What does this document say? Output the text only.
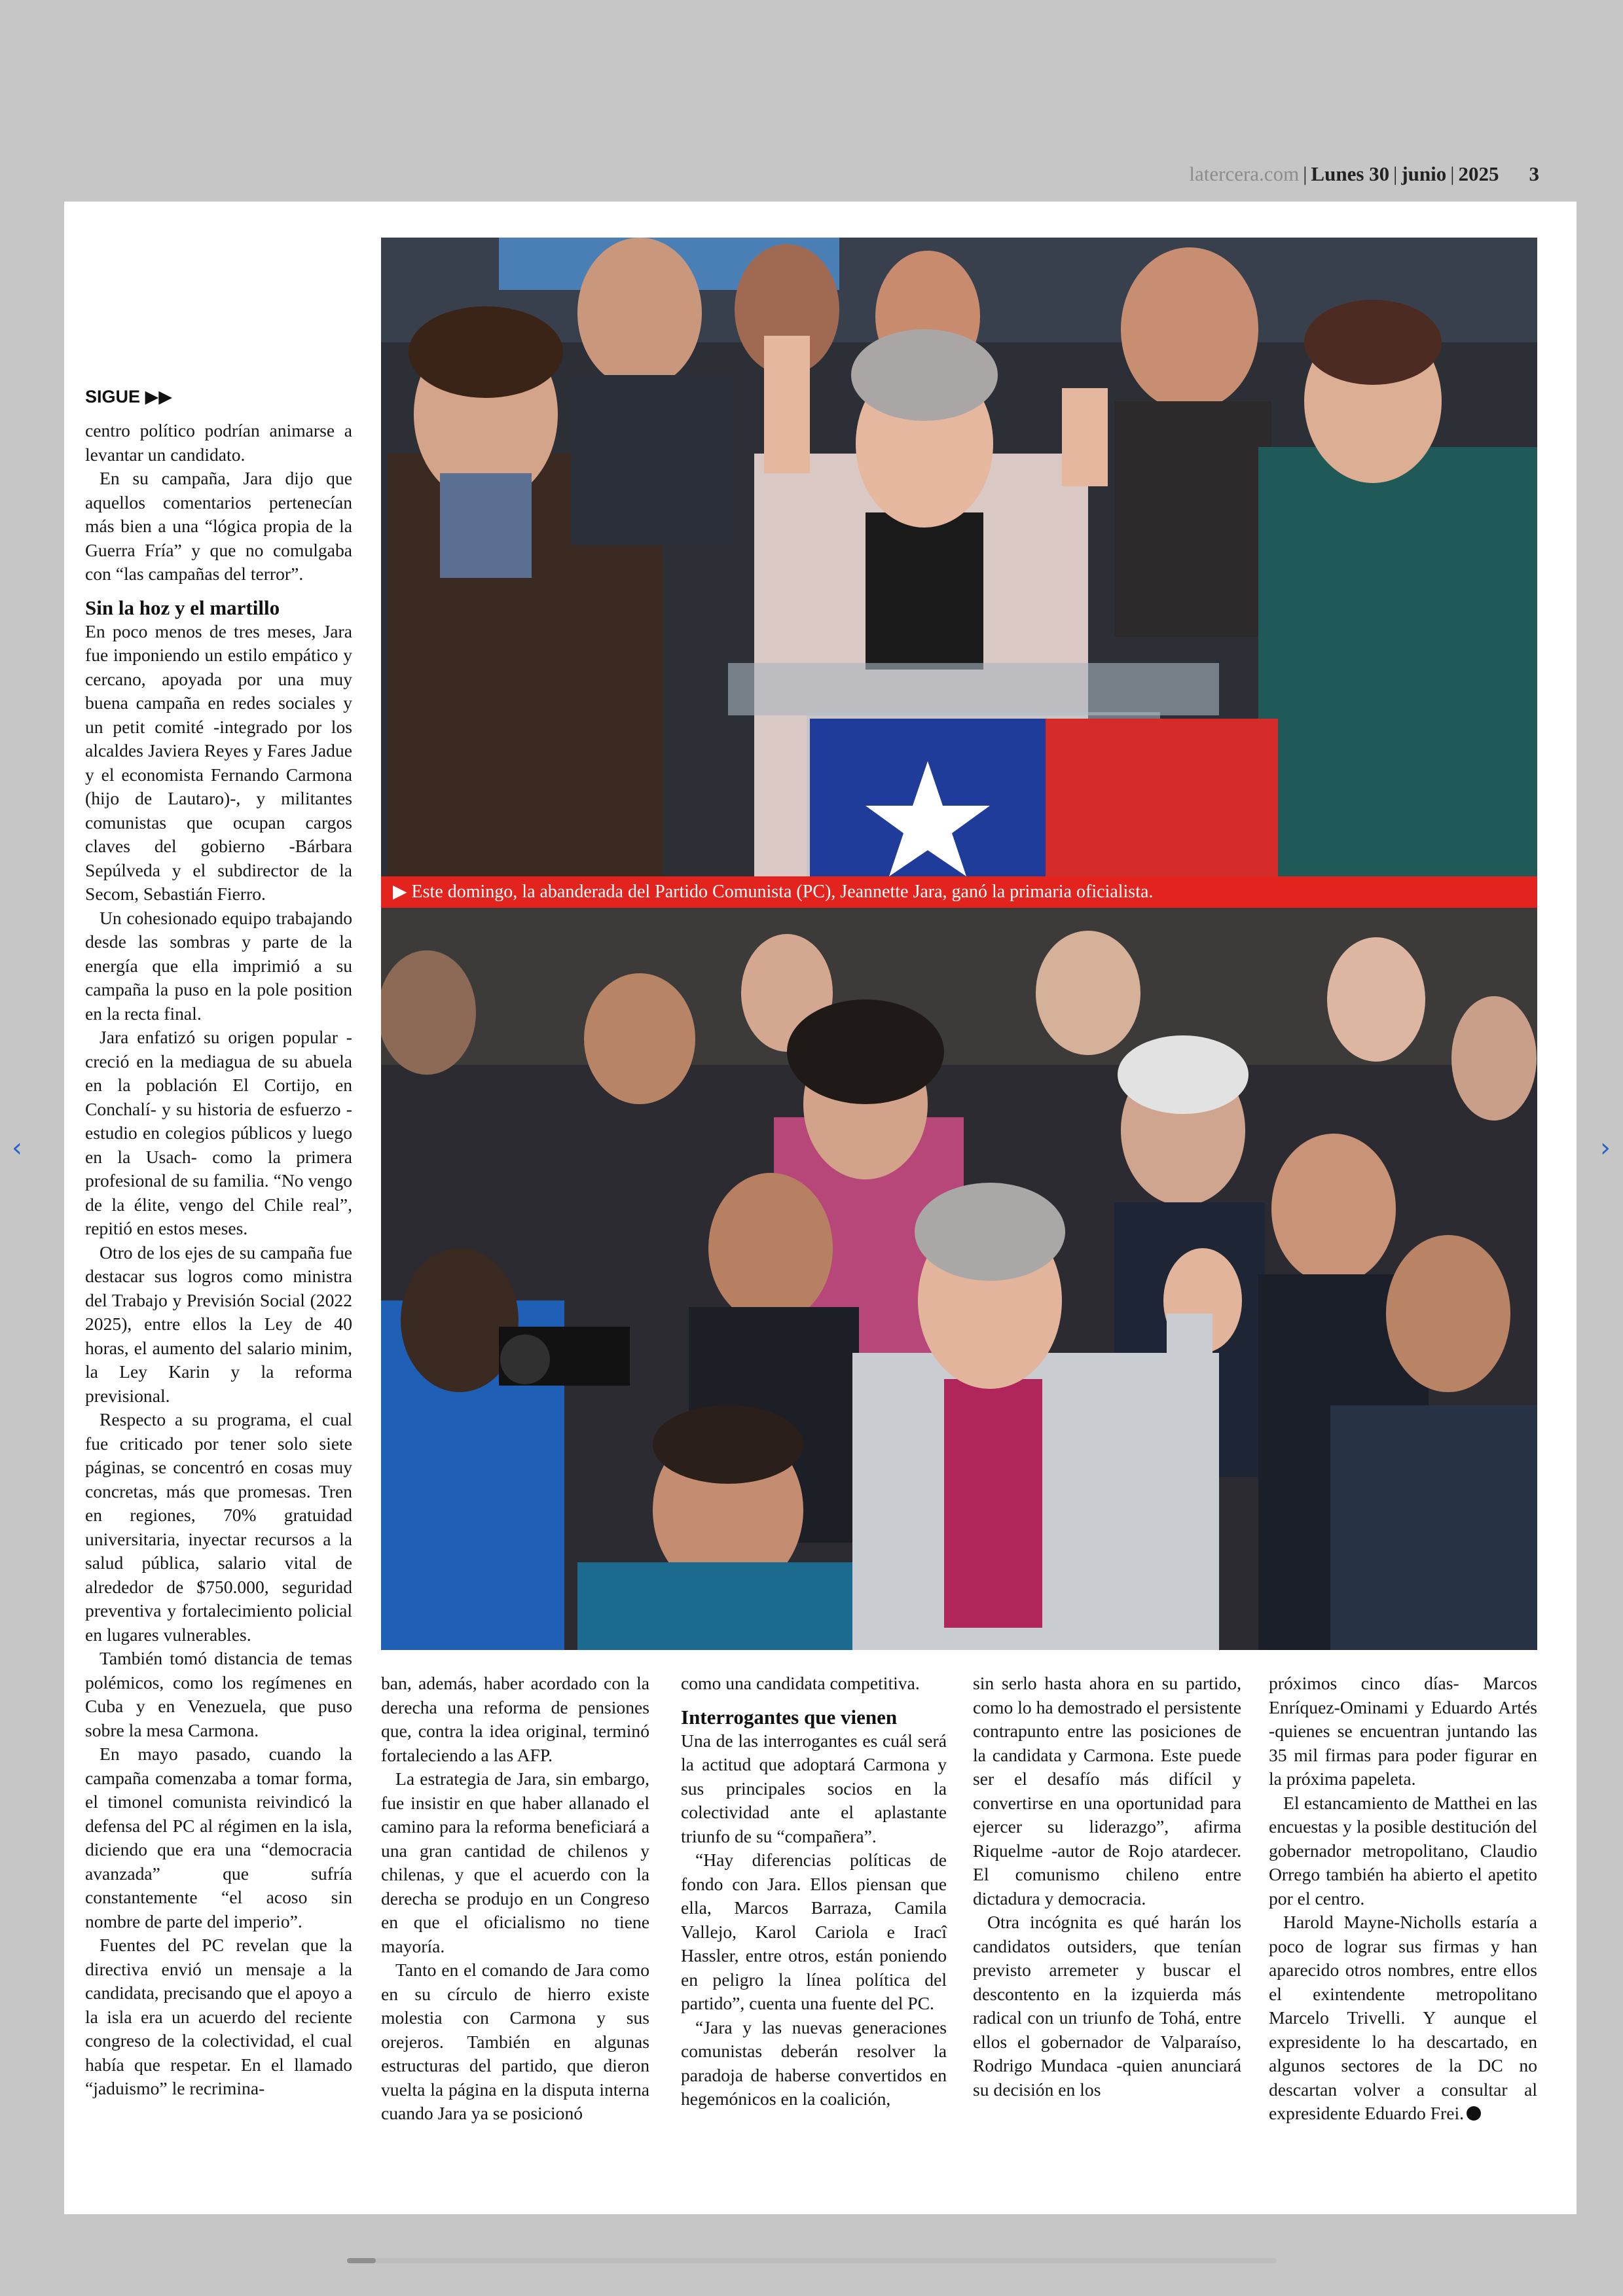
latercera.com | Lunes 30 | junio | 2025 3
SIGUE ▶▶

centro político podrían animarse a levantar un candidato.

En su campaña, Jara dijo que aquellos comentarios pertenecían más bien a una “lógica propia de la Guerra Fría” y que no comulgaba con “las campañas del terror”.

Sin la hoz y el martillo

En poco menos de tres meses, Jara fue imponiendo un estilo empático y cercano, apoyada por una muy buena campaña en redes sociales y un petit comité -integrado por los alcaldes Javiera Reyes y Fares Jadue y el economista Fernando Carmona (hijo de Lautaro)-, y militantes comunistas que ocupan cargos claves del gobierno -Bárbara Sepúlveda y el subdirector de la Secom, Sebastián Fierro.

Un cohesionado equipo trabajando desde las sombras y parte de la energía que ella imprimió a su campaña la puso en la pole position en la recta final.

Jara enfatizó su origen popular -creció en la mediagua de su abuela en la población El Cortijo, en Conchalí- y su historia de esfuerzo -estudio en colegios públicos y luego en la Usach- como la primera profesional de su familia. “No vengo de la élite, vengo del Chile real”, repitió en estos meses.

Otro de los ejes de su campaña fue destacar sus logros como ministra del Trabajo y Previsión Social (2022 2025), entre ellos la Ley de 40 horas, el aumento del salario minim, la Ley Karin y la reforma previsional.

Respecto a su programa, el cual fue criticado por tener solo siete páginas, se concentró en cosas muy concretas, más que promesas. Tren en regiones, 70% gratuidad universitaria, inyectar recursos a la salud pública, salario vital de alrededor de $750.000, seguridad preventiva y fortalecimiento policial en lugares vulnerables.

También tomó distancia de temas polémicos, como los regímenes en Cuba y en Venezuela, que puso sobre la mesa Carmona.

En mayo pasado, cuando la campaña comenzaba a tomar forma, el timonel comunista reivindicó la defensa del PC al régimen en la isla, diciendo que era una “democracia avanzada” que sufría constantemente “el acoso sin nombre de parte del imperio”.

Fuentes del PC revelan que la directiva envió un mensaje a la candidata, precisando que el apoyo a la isla era un acuerdo del reciente congreso de la colectividad, el cual había que respetar. En el llamado “jaduismo” le recrimina-

▶ Este domingo, la abanderada del Partido Comunista (PC), Jeannette Jara, ganó la primaria oficialista.

ban, además, haber acordado con la derecha una reforma de pensiones que, contra la idea original, terminó fortaleciendo a las AFP.

La estrategia de Jara, sin embargo, fue insistir en que haber allanado el camino para la reforma beneficiará a una gran cantidad de chilenos y chilenas, y que el acuerdo con la derecha se produjo en un Congreso en que el oficialismo no tiene mayoría.

Tanto en el comando de Jara como en su círculo de hierro existe molestia con Carmona y sus orejeros. También en algunas estructuras del partido, que dieron vuelta la página en la disputa interna cuando Jara ya se posicionó

como una candidata competitiva.

Interrogantes que vienen

Una de las interrogantes es cuál será la actitud que adoptará Carmona y sus principales socios en la colectividad ante el aplastante triunfo de su “compañera”.

“Hay diferencias políticas de fondo con Jara. Ellos piensan que ella, Marcos Barraza, Camila Vallejo, Karol Cariola e Iracî Hassler, entre otros, están poniendo en peligro la línea política del partido”, cuenta una fuente del PC.

“Jara y las nuevas generaciones comunistas deberán resolver la paradoja de haberse convertidos en hegemónicos en la coalición,

sin serlo hasta ahora en su partido, como lo ha demostrado el persistente contrapunto entre las posiciones de la candidata y Carmona. Este puede ser el desafío más difícil y convertirse en una oportunidad para ejercer su liderazgo”, afirma Riquelme -autor de Rojo atardecer. El comunismo chileno entre dictadura y democracia.

Otra incógnita es qué harán los candidatos outsiders, que tenían previsto arremeter y buscar el descontento en la izquierda más radical con un triunfo de Tohá, entre ellos el gobernador de Valparaíso, Rodrigo Mundaca -quien anunciará su decisión en los

próximos cinco días- Marcos Enríquez-Ominami y Eduardo Artés -quienes se encuentran juntando las 35 mil firmas para poder figurar en la próxima papeleta.

El estancamiento de Matthei en las encuestas y la posible destitución del gobernador metropolitano, Claudio Orrego también ha abierto el apetito por el centro.

Harold Mayne-Nicholls estaría a poco de lograr sus firmas y han aparecido otros nombres, entre ellos el exintendente metropolitano Marcelo Trivelli. Y aunque el expresidente lo ha descartado, en algunos sectores de la DC no descartan volver a consultar al expresidente Eduardo Frei.

‹	›
